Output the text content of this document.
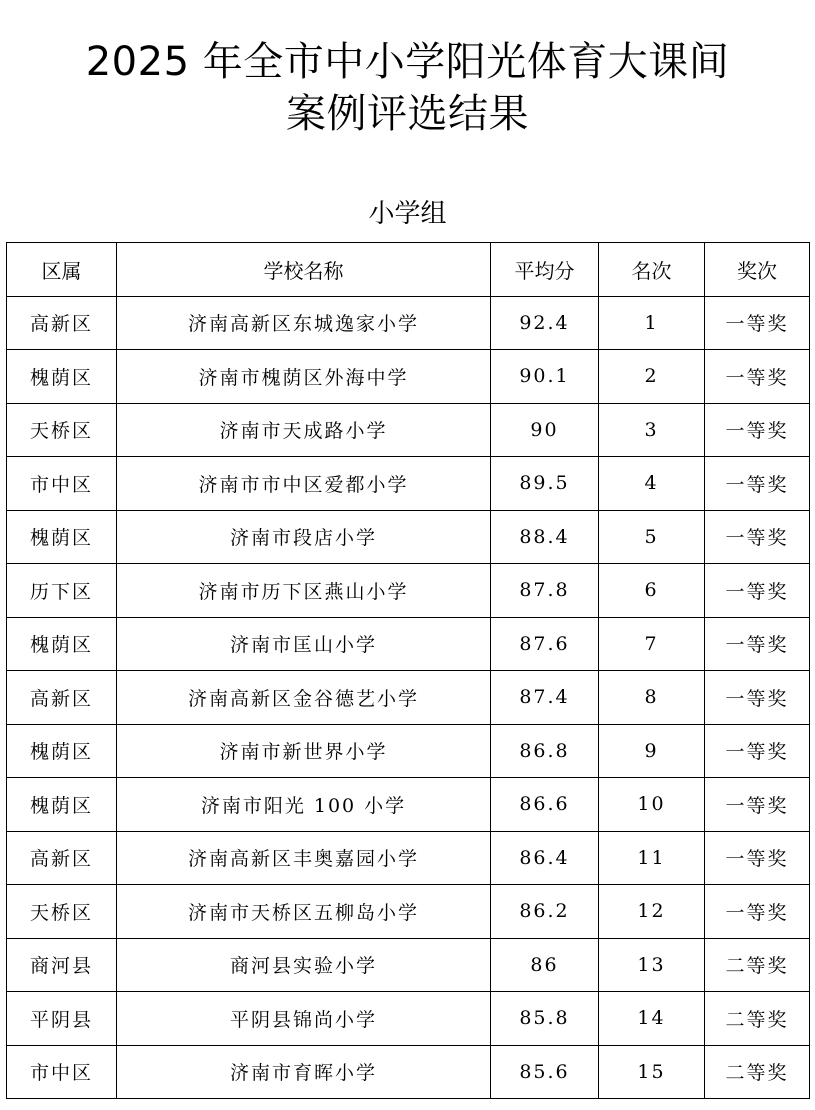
2025 年全市中小学阳光体育大课间
案例评选结果
小学组
区属	学校名称	平均分	名次	奖次
高新区	济南高新区东城逸家小学	92.4	1	一等奖
槐荫区	济南市槐荫区外海中学	90.1	2	一等奖
天桥区	济南市天成路小学	90	3	一等奖
市中区	济南市市中区爱都小学	89.5	4	一等奖
槐荫区	济南市段店小学	88.4	5	一等奖
历下区	济南市历下区燕山小学	87.8	6	一等奖
槐荫区	济南市匡山小学	87.6	7	一等奖
高新区	济南高新区金谷德艺小学	87.4	8	一等奖
槐荫区	济南市新世界小学	86.8	9	一等奖
槐荫区	济南市阳光 100 小学	86.6	10	一等奖
高新区	济南高新区丰奥嘉园小学	86.4	11	一等奖
天桥区	济南市天桥区五柳岛小学	86.2	12	一等奖
商河县	商河县实验小学	86	13	二等奖
平阴县	平阴县锦尚小学	85.8	14	二等奖
市中区	济南市育晖小学	85.6	15	二等奖
